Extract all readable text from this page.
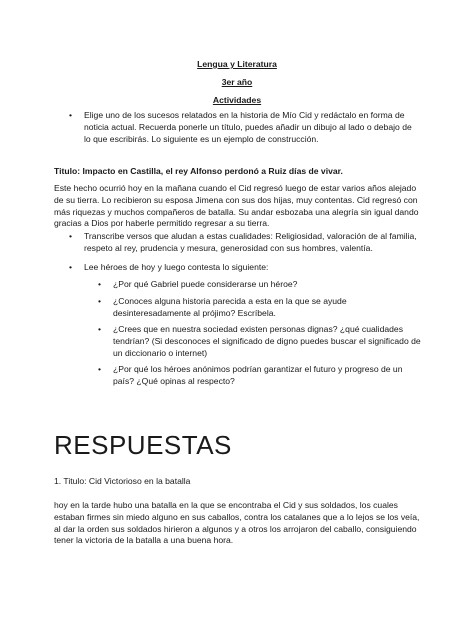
Lengua y Literatura
3er año
Actividades
• Elige uno de los sucesos relatados en la historia de Mío Cid y redáctalo en forma de noticia actual. Recuerda ponerle un título, puedes añadir un dibujo al lado o debajo de lo que escribirás. Lo siguiente es un ejemplo de construcción.
Titulo: Impacto en Castilla, el rey Alfonso perdonó a Ruiz días de vivar.
Este hecho ocurrió hoy en la mañana cuando el Cid regresó luego de estar varios años alejado de su tierra. Lo recibieron su esposa Jimena con sus dos hijas, muy contentas. Cid regresó con más riquezas y muchos compañeros de batalla. Su andar esbozaba una alegría sin igual dando gracias a Dios por haberle permitido regresar a su tierra.
• Transcribe versos que aludan a estas cualidades: Religiosidad, valoración de al familia, respeto al rey, prudencia y mesura, generosidad con sus hombres, valentía.
• Lee héroes de hoy y luego contesta lo siguiente:
• ¿Por qué Gabriel puede considerarse un héroe?
• ¿Conoces alguna historia parecida a esta en la que se ayude desinteresadamente al prójimo? Escríbela.
• ¿Crees que en nuestra sociedad existen personas dignas? ¿qué cualidades tendrían? (Si desconoces el significado de digno puedes buscar el significado de un diccionario o internet)
• ¿Por qué los héroes anónimos podrían garantizar el futuro y progreso de un país? ¿Qué opinas al respecto?
RESPUESTAS
1. Titulo: Cid Victorioso en la batalla
hoy en la tarde hubo una batalla en la que se encontraba el Cid y sus soldados, los cuales estaban firmes sin miedo alguno en sus caballos, contra los catalanes que a lo lejos se los veía, al dar la orden sus soldados hirieron a algunos y a otros los arrojaron del caballo, consiguiendo tener la victoria de la batalla a una buena hora.
